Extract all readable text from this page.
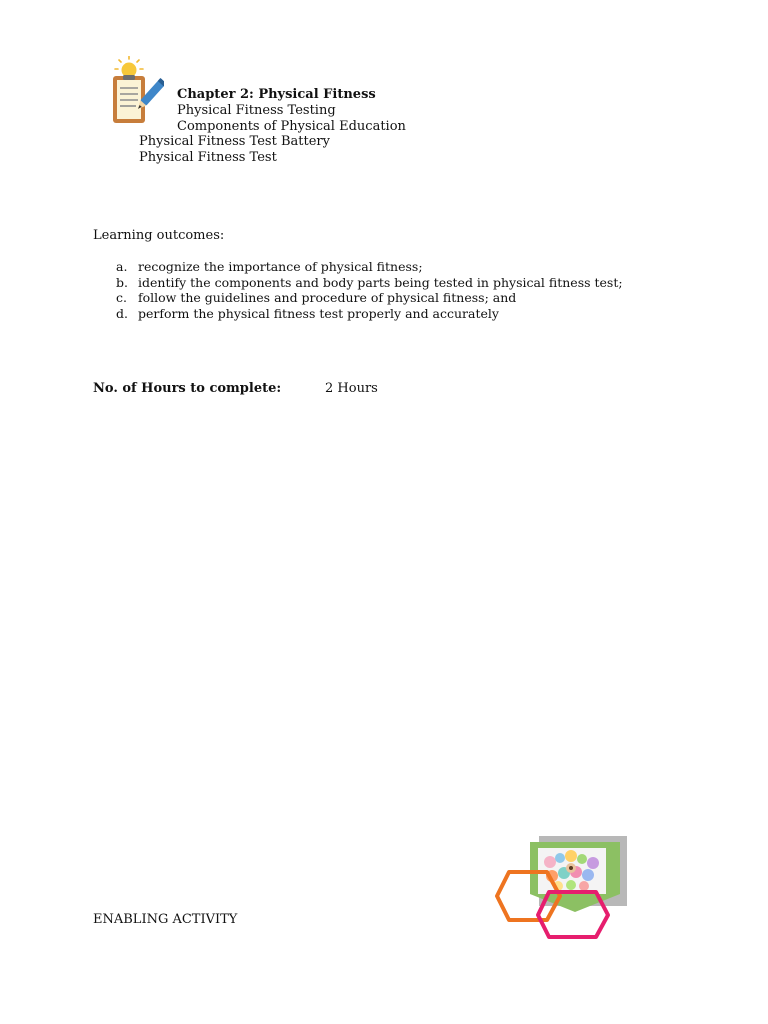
Chapter 2: Physical Fitness
Physical Fitness Testing
Components of Physical Education
Physical Fitness Test Battery
Physical Fitness Test
Learning outcomes:
a. recognize the importance of physical fitness;
b. identify the components and body parts being tested in physical fitness test;
c. follow the guidelines and procedure of physical fitness; and
d. perform the physical fitness test properly and accurately
No. of Hours to complete:	2 Hours
ENABLING ACTIVITY
